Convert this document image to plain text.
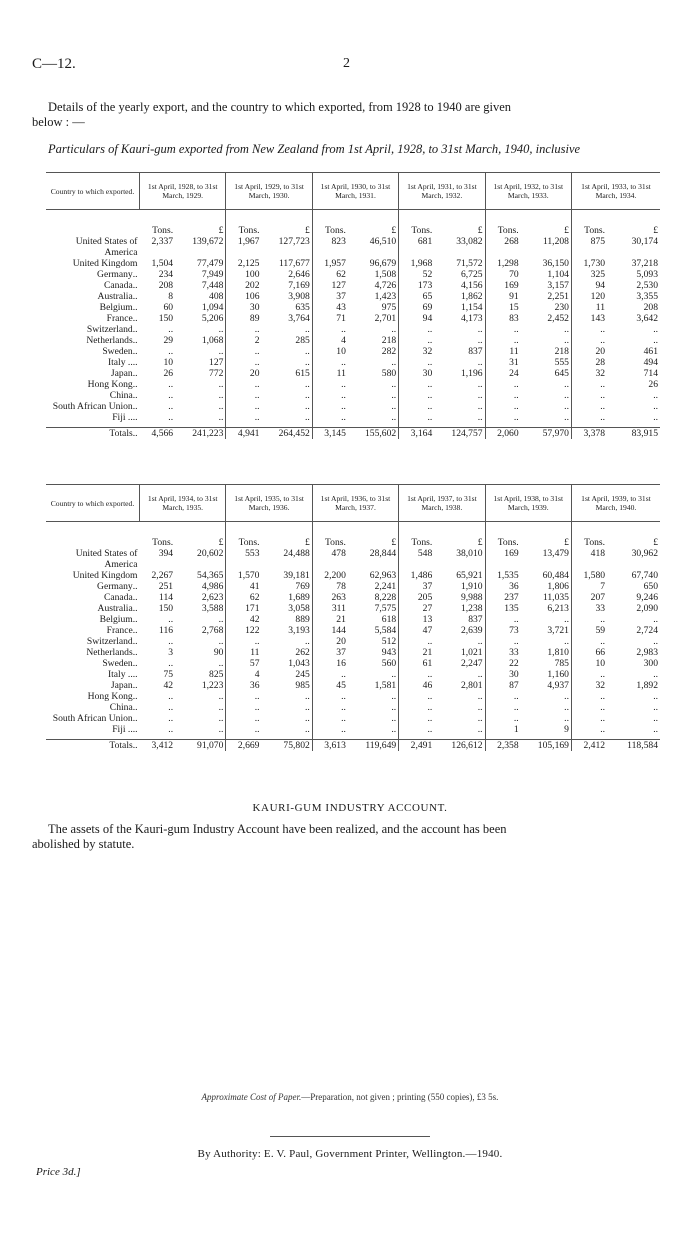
C—12.	2
Details of the yearly export, and the country to which exported, from 1928 to 1940 are given
below : —
Particulars of Kauri-gum exported from New Zealand from 1st April, 1928, to 31st March, 1940, inclusive
Country to which exported.	1st April, 1928, to 31st March, 1929.		1st April, 1929, to 31st March, 1930.		1st April, 1930, to 31st March, 1931.		1st April, 1931, to 31st March, 1932.		1st April, 1932, to 31st March, 1933.		1st April, 1933, to 31st March, 1934.	
	Tons.	£	Tons.	£	Tons.	£	Tons.	£	Tons.	£	Tons.	£

United States of America	2,337	139,672	1,967	127,723	823	46,510	681	33,082	268	11,208	875	30,174

United Kingdom	1,504	77,479	2,125	117,677	1,957	96,679	1,968	71,572	1,298	36,150	1,730	37,218

..
Germany	234	7,949	100	2,646	62	1,508	52	6,725	70	1,104	325	5,093

..
Canada	208	7,448	202	7,169	127	4,726	173	4,156	169	3,157	94	2,530

..
Australia	8	408	106	3,908	37	1,423	65	1,862	91	2,251	120	3,355

..
Belgium	60	1,094	30	635	43	975	69	1,154	15	230	11	208

..
France	150	5,206	89	3,764	71	2,701	94	4,173	83	2,452	143	3,642

..
Switzerland	..	..	..	..	..	..	..	..	..	..	..	..

..
Netherlands	29	1,068	2	285	4	218	..	..	..	..	..	..

..
Sweden	..	..	..	..	10	282	32	837	11	218	20	461

..
Italy ..	10	127	..	..	..	..	..	..	31	555	28	494

..
Japan	26	772	20	615	11	580	30	1,196	24	645	32	714

..
Hong Kong	..	..	..	..	..	..	..	..	..	..	..	26

..
China	..	..	..	..	..	..	..	..	..	..	..	..

..
South African Union	..	..	..	..	..	..	..	..	..	..	..	..

..
Fiji ..	..	..	..	..	..	..	..	..	..	..	..	..

..
Totals	4,566	241,223	4,941	264,452	3,145	155,602	3,164	124,757	2,060	57,970	3,378	83,915
Country to which exported.	1st April, 1934, to 31st March, 1935.		1st April, 1935, to 31st March, 1936.		1st April, 1936, to 31st March, 1937.		1st April, 1937, to 31st March, 1938.		1st April, 1938, to 31st March, 1939.		1st April, 1939, to 31st March, 1940.	
	Tons.	£	Tons.	£	Tons.	£	Tons.	£	Tons.	£	Tons.	£

United States of America	394	20,602	553	24,488	478	28,844	548	38,010	169	13,479	418	30,962

United Kingdom	2,267	54,365	1,570	39,181	2,200	62,963	1,486	65,921	1,535	60,484	1,580	67,740

..
Germany	251	4,986	41	769	78	2,241	37	1,910	36	1,806	7	650

..
Canada	114	2,623	62	1,689	263	8,228	205	9,988	237	11,035	207	9,246

..
Australia	150	3,588	171	3,058	311	7,575	27	1,238	135	6,213	33	2,090

..
Belgium	..	..	42	889	21	618	13	837	..	..	..	..

..
France	116	2,768	122	3,193	144	5,584	47	2,639	73	3,721	59	2,724

..
Switzerland	..	..	..	..	20	512	..	..	..	..	..	..

..
Netherlands	3	90	11	262	37	943	21	1,021	33	1,810	66	2,983

..
Sweden	..	..	57	1,043	16	560	61	2,247	22	785	10	300

..
Italy ..	75	825	4	245	..	..	..	..	30	1,160	..	..

..
Japan	42	1,223	36	985	45	1,581	46	2,801	87	4,937	32	1,892

..
Hong Kong	..	..	..	..	..	..	..	..	..	..	..	..

..
China	..	..	..	..	..	..	..	..	..	..	..	..

..
South African Union	..	..	..	..	..	..	..	..	..	..	..	..

..
Fiji ..	..	..	..	..	..	..	..	..	1	9	..	..

..
Totals	3,412	91,070	2,669	75,802	3,613	119,649	2,491	126,612	2,358	105,169	2,412	118,584
KAURI-GUM INDUSTRY ACCOUNT.
The assets of the Kauri-gum Industry Account have been realized, and the account has been
abolished by statute.
Approximate Cost of Paper.—Preparation, not given ; printing (550 copies), £3 5s.
By Authority: E. V. Paul, Government Printer, Wellington.—1940.
Price 3d.]
